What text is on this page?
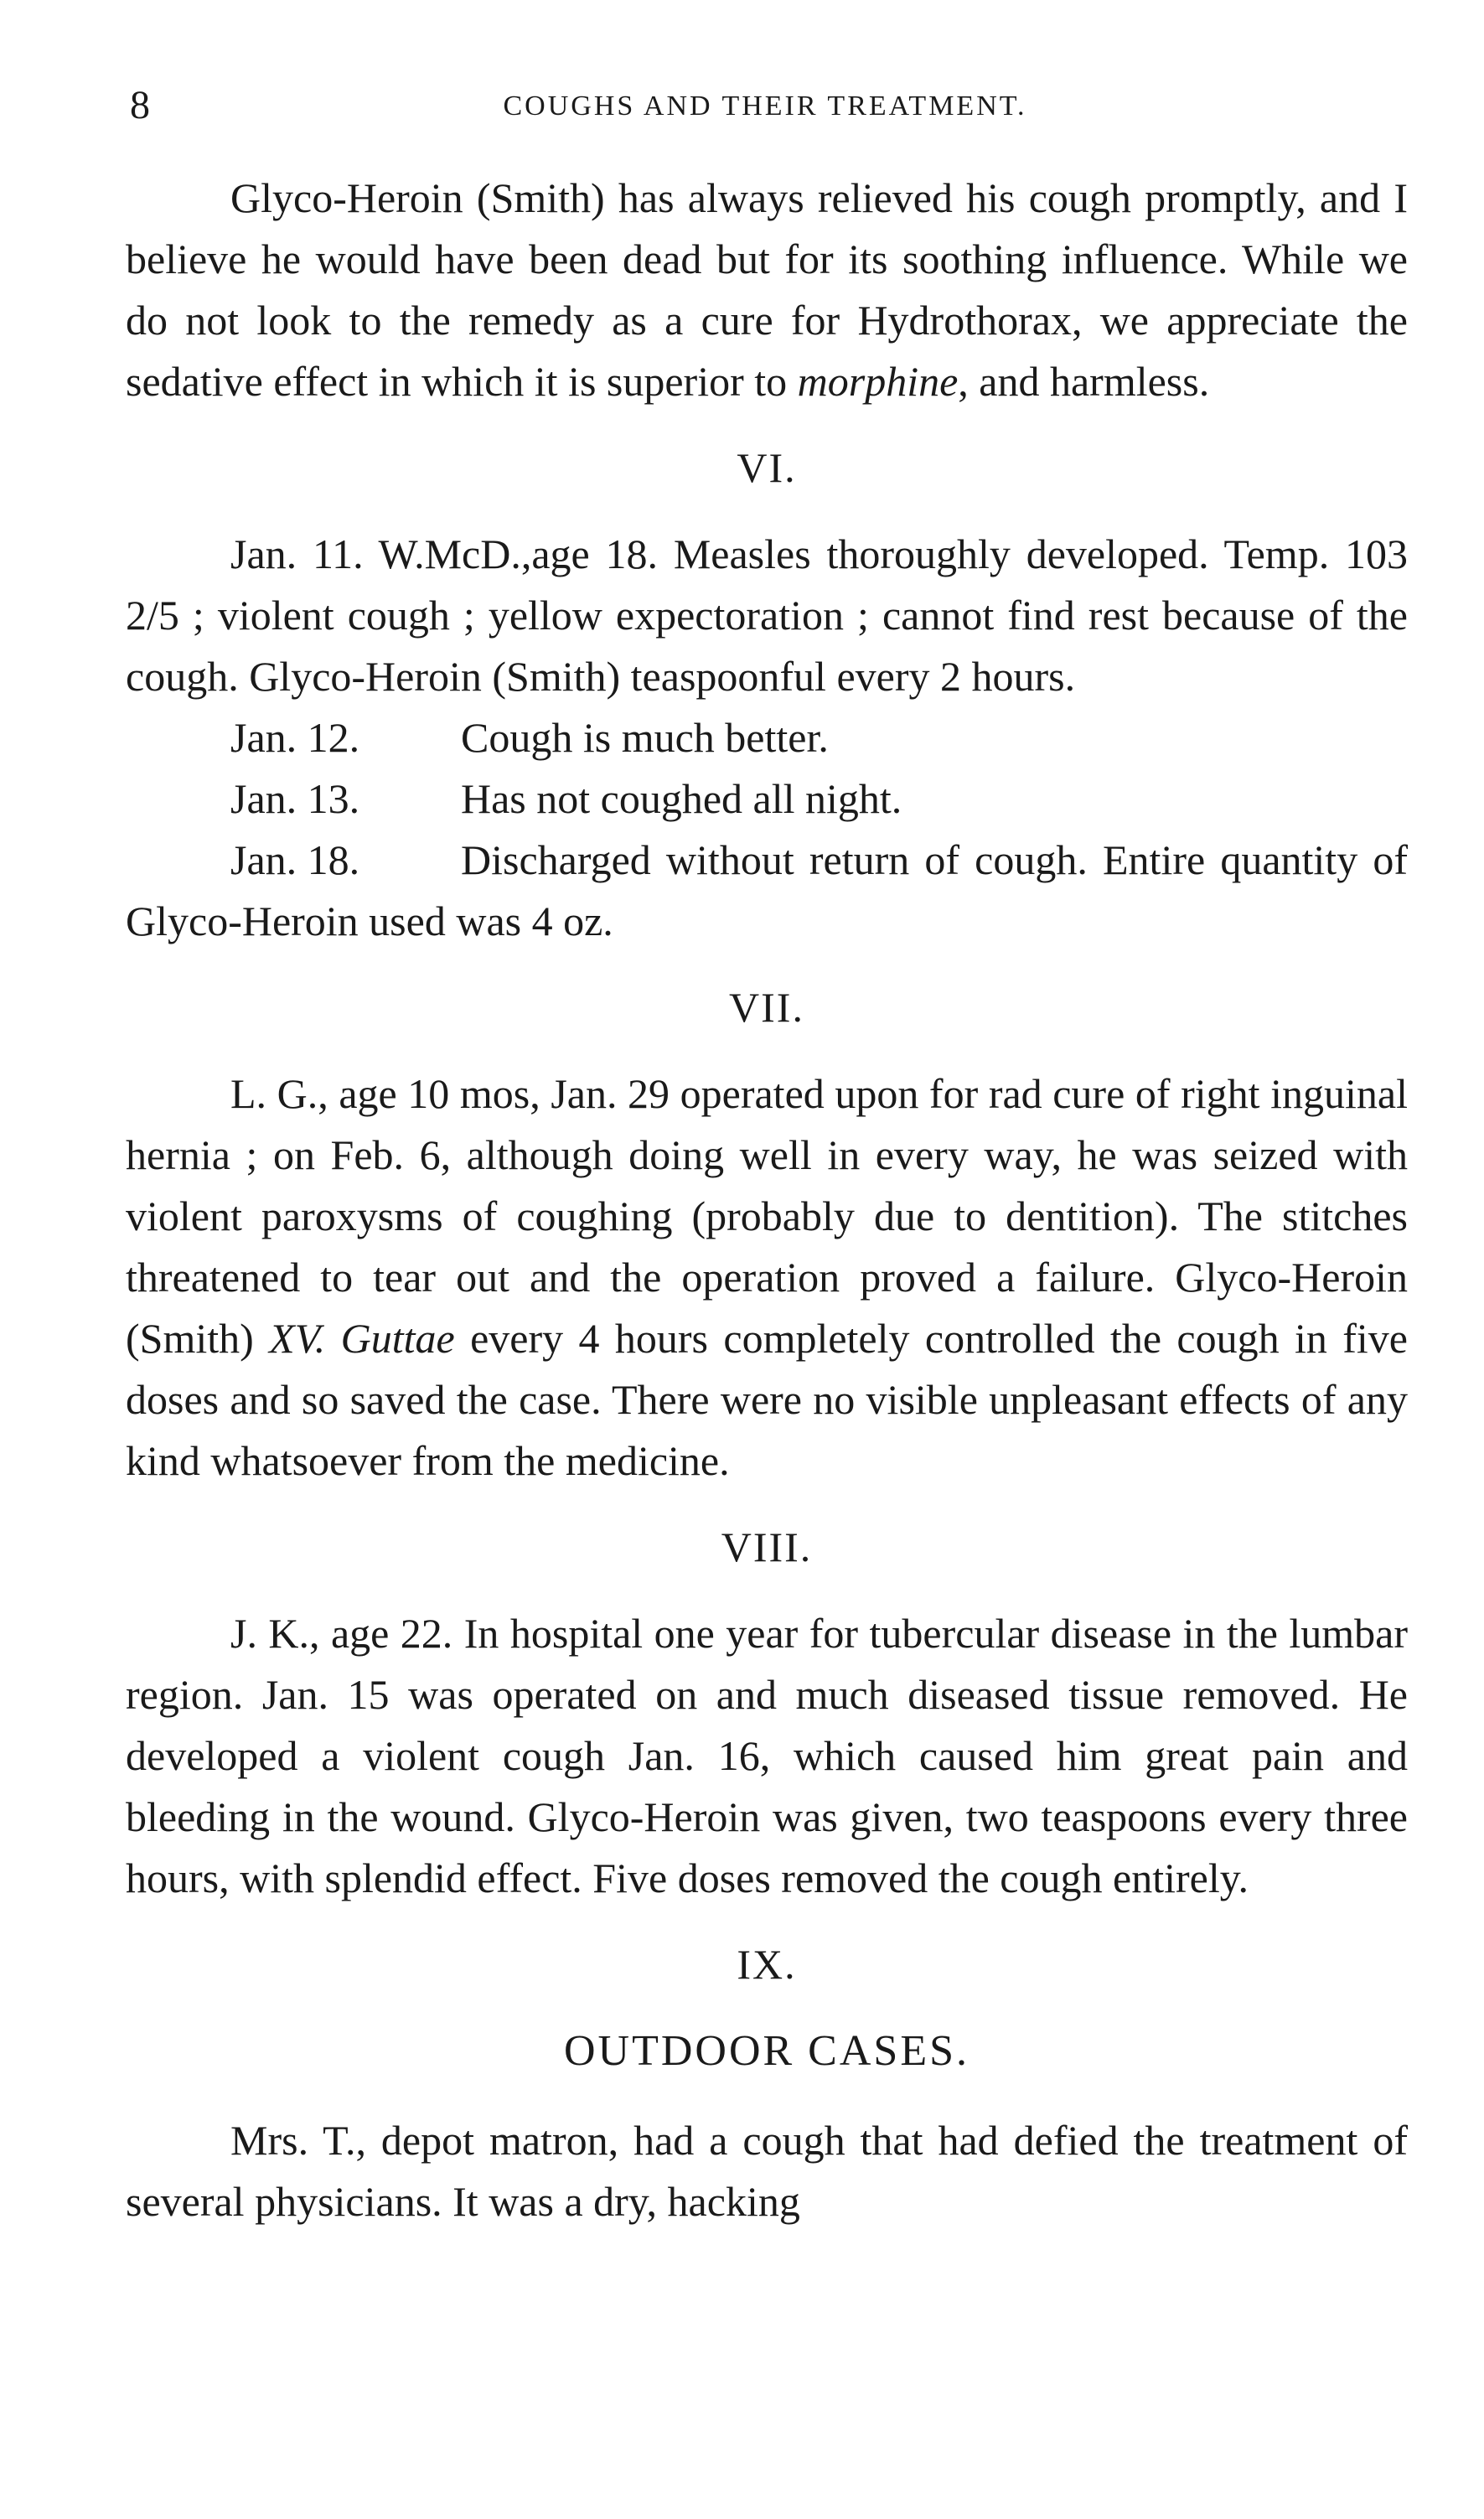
8	COUGHS AND THEIR TREATMENT.

Glyco-Heroin (Smith) has always relieved his cough promptly, and I believe he would have been dead but for its soothing influence. While we do not look to the remedy as a cure for Hydrothorax, we appreciate the sedative effect in which it is superior to morphine, and harmless.

VI.

Jan. 11. W.McD.,age 18. Measles thoroughly developed. Temp. 103 2/5 ; violent cough ; yellow expectoration ; cannot find rest because of the cough. Glyco-Heroin (Smith) teaspoonful every 2 hours.

Jan. 12. Cough is much better.
Jan. 13. Has not coughed all night.

Jan. 18. Discharged without return of cough. Entire quantity of Glyco-Heroin used was 4 oz.

VII.

L. G., age 10 mos, Jan. 29 operated upon for rad cure of right inguinal hernia ; on Feb. 6, although doing well in every way, he was seized with violent paroxysms of coughing (probably due to dentition). The stitches threatened to tear out and the operation proved a failure. Glyco-Heroin (Smith) XV. Guttae every 4 hours completely controlled the cough in five doses and so saved the case. There were no visible unpleasant effects of any kind whatsoever from the medicine.

VIII.

J. K., age 22. In hospital one year for tubercular disease in the lumbar region. Jan. 15 was operated on and much diseased tissue removed. He developed a violent cough Jan. 16, which caused him great pain and bleeding in the wound. Glyco-Heroin was given, two teaspoons every three hours, with splendid effect. Five doses removed the cough entirely.

IX.
OUTDOOR CASES.

Mrs. T., depot matron, had a cough that had defied the treatment of several physicians. It was a dry, hacking
